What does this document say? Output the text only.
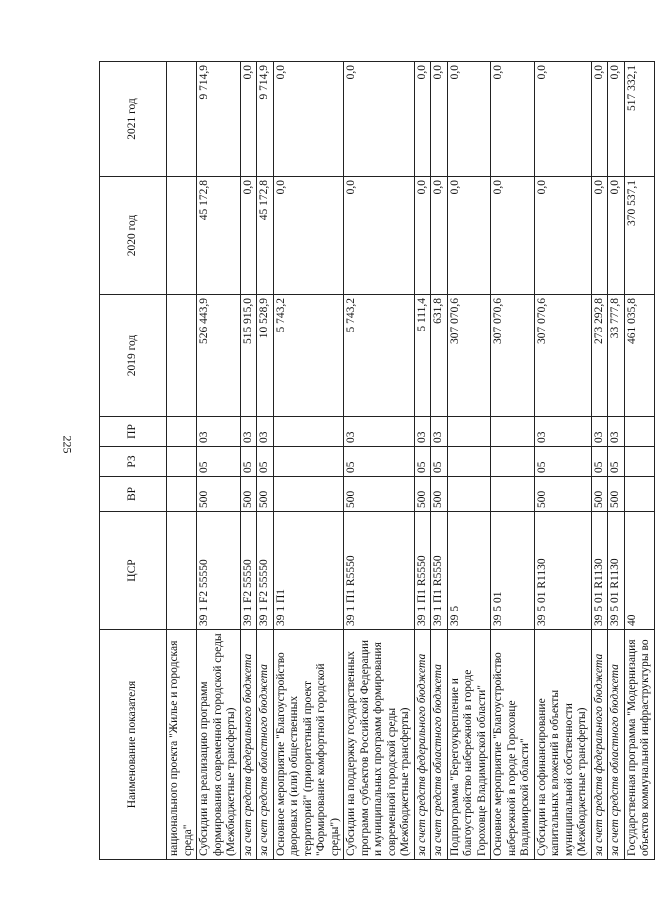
225
Наименование показателя	ЦСР	ВР	РЗ	ПР	2019 год	2020 год	2021 год
национального проекта "Жилье и городская среда"							
Субсидии на реализацию программ формирования современной городской среды (Межбюджетные трансферты)	39 1 F2 55550	500	05	03	526 443,9	45 172,8	9 714,9
за счет средств федерального бюджета	39 1 F2 55550	500	05	03	515 915,0	0,0	0,0
за счет средств областного бюджета	39 1 F2 55550	500	05	03	10 528,9	45 172,8	9 714,9
Основное мероприятие "Благоустройство дворовых и (или) общественных территорий" (приоритетный проект "Формирование комфортной городской среды")	39 1 П1				5 743,2	0,0	0,0
Субсидии на поддержку государственных программ субъектов Российской Федерации и муниципальных программ формирования современной городской среды (Межбюджетные трансферты)	39 1 П1 R5550	500	05	03	5 743,2	0,0	0,0
за счет средств федерального бюджета	39 1 П1 R5550	500	05	03	5 111,4	0,0	0,0
за счет средств областного бюджета	39 1 П1 R5550	500	05	03	631,8	0,0	0,0
Подпрограмма "Берегоукрепление и благоустройство набережной в городе Гороховце Владимирской области"	39 5				307 070,6	0,0	0,0
Основное мероприятие "Благоустройство набережной в городе Гороховце Владимирской области"	39 5 01				307 070,6	0,0	0,0
Субсидии на софинансирование капитальных вложений в объекты муниципальной собственности (Межбюджетные трансферты)	39 5 01 R1130	500	05	03	307 070,6	0,0	0,0
за счет средств федерального бюджета	39 5 01 R1130	500	05	03	273 292,8	0,0	0,0
за счет средств областного бюджета	39 5 01 R1130	500	05	03	33 777,8	0,0	0,0
Государственная программа "Модернизация объектов коммунальной инфраструктуры во	40				461 035,8	370 537,1	517 332,1
